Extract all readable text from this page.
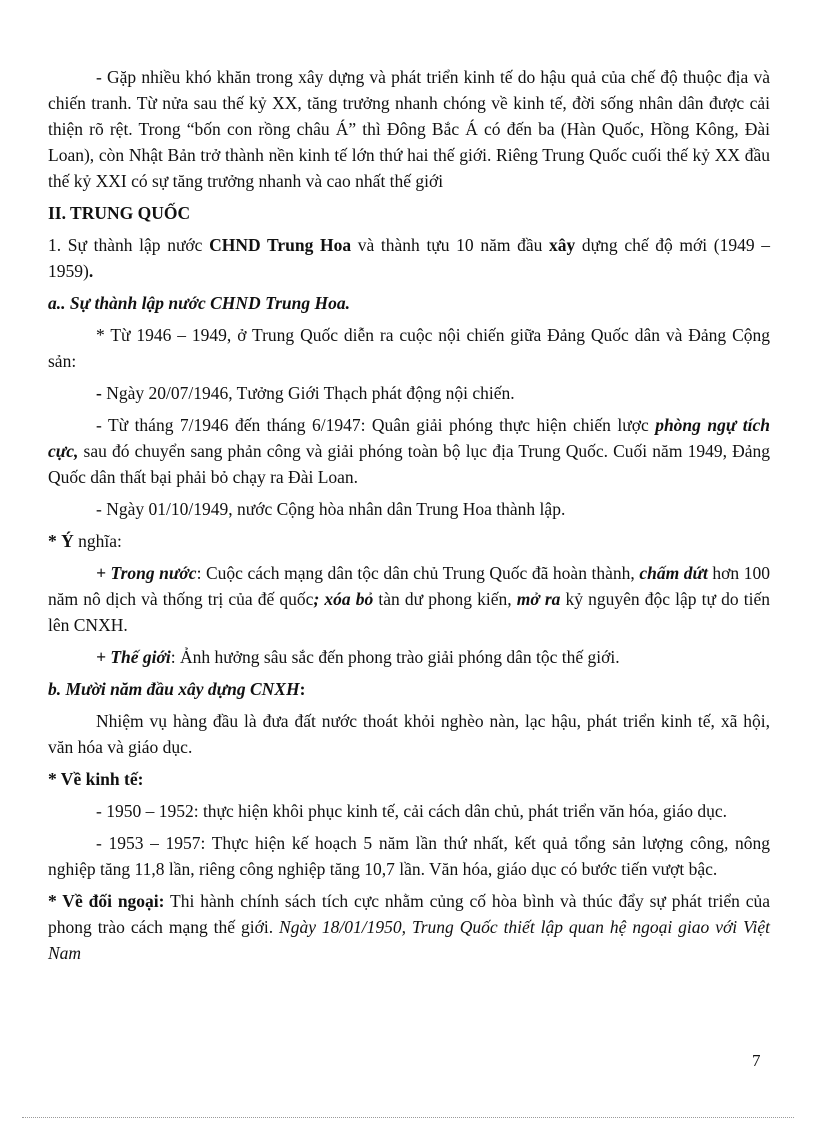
- Gặp nhiều khó khăn trong xây dựng và phát triển kinh tế do hậu quả của chế độ thuộc địa và chiến tranh. Từ nửa sau thế kỷ XX, tăng trưởng nhanh chóng về kinh tế, đời sống nhân dân được cải thiện rõ rệt. Trong “bốn con rồng châu Á” thì Đông Bắc Á có đến ba (Hàn Quốc, Hồng Kông, Đài Loan), còn Nhật Bản trở thành nền kinh tế lớn thứ hai thế giới. Riêng Trung Quốc cuối thế kỷ XX đầu thế kỷ XXI có sự tăng trưởng nhanh và cao nhất thế giới

II. TRUNG QUỐC

1. Sự thành lập nước CHND Trung Hoa và thành tựu 10 năm đầu xây dựng chế độ mới (1949 – 1959).

a.. Sự thành lập nước CHND Trung Hoa.

* Từ 1946 – 1949, ở Trung Quốc diễn ra cuộc nội chiến giữa Đảng Quốc dân và Đảng Cộng sản:

- Ngày 20/07/1946, Tưởng Giới Thạch phát động nội chiến.

- Từ tháng 7/1946 đến tháng 6/1947: Quân giải phóng thực hiện chiến lược phòng ngự tích cực, sau đó chuyển sang phản công và giải phóng toàn bộ lục địa Trung Quốc. Cuối năm 1949, Đảng Quốc dân thất bại phải bỏ chạy ra Đài Loan.

- Ngày 01/10/1949, nước Cộng hòa nhân dân Trung Hoa thành lập.

* Ý nghĩa:

+ Trong nước: Cuộc cách mạng dân tộc dân chủ Trung Quốc đã hoàn thành, chấm dứt hơn 100 năm nô dịch và thống trị của đế quốc; xóa bỏ tàn dư phong kiến, mở ra kỷ nguyên độc lập tự do tiến lên CNXH.

+ Thế giới: Ảnh hưởng sâu sắc đến phong trào giải phóng dân tộc thế giới.

b. Mười năm đầu xây dựng CNXH:

Nhiệm vụ hàng đầu là đưa đất nước thoát khỏi nghèo nàn, lạc hậu, phát triển kinh tế, xã hội, văn hóa và giáo dục.

* Về kinh tế:

- 1950 – 1952: thực hiện khôi phục kinh tế, cải cách dân chủ, phát triển văn hóa, giáo dục.

- 1953 – 1957: Thực hiện kế hoạch 5 năm lần thứ nhất, kết quả tổng sản lượng công, nông nghiệp tăng 11,8 lần, riêng công nghiệp tăng 10,7 lần. Văn hóa, giáo dục có bước tiến vượt bậc.

* Về đối ngoại: Thi hành chính sách tích cực nhằm củng cố hòa bình và thúc đẩy sự phát triển của phong trào cách mạng thế giới. Ngày 18/01/1950, Trung Quốc thiết lập quan hệ ngoại giao với Việt Nam

7
